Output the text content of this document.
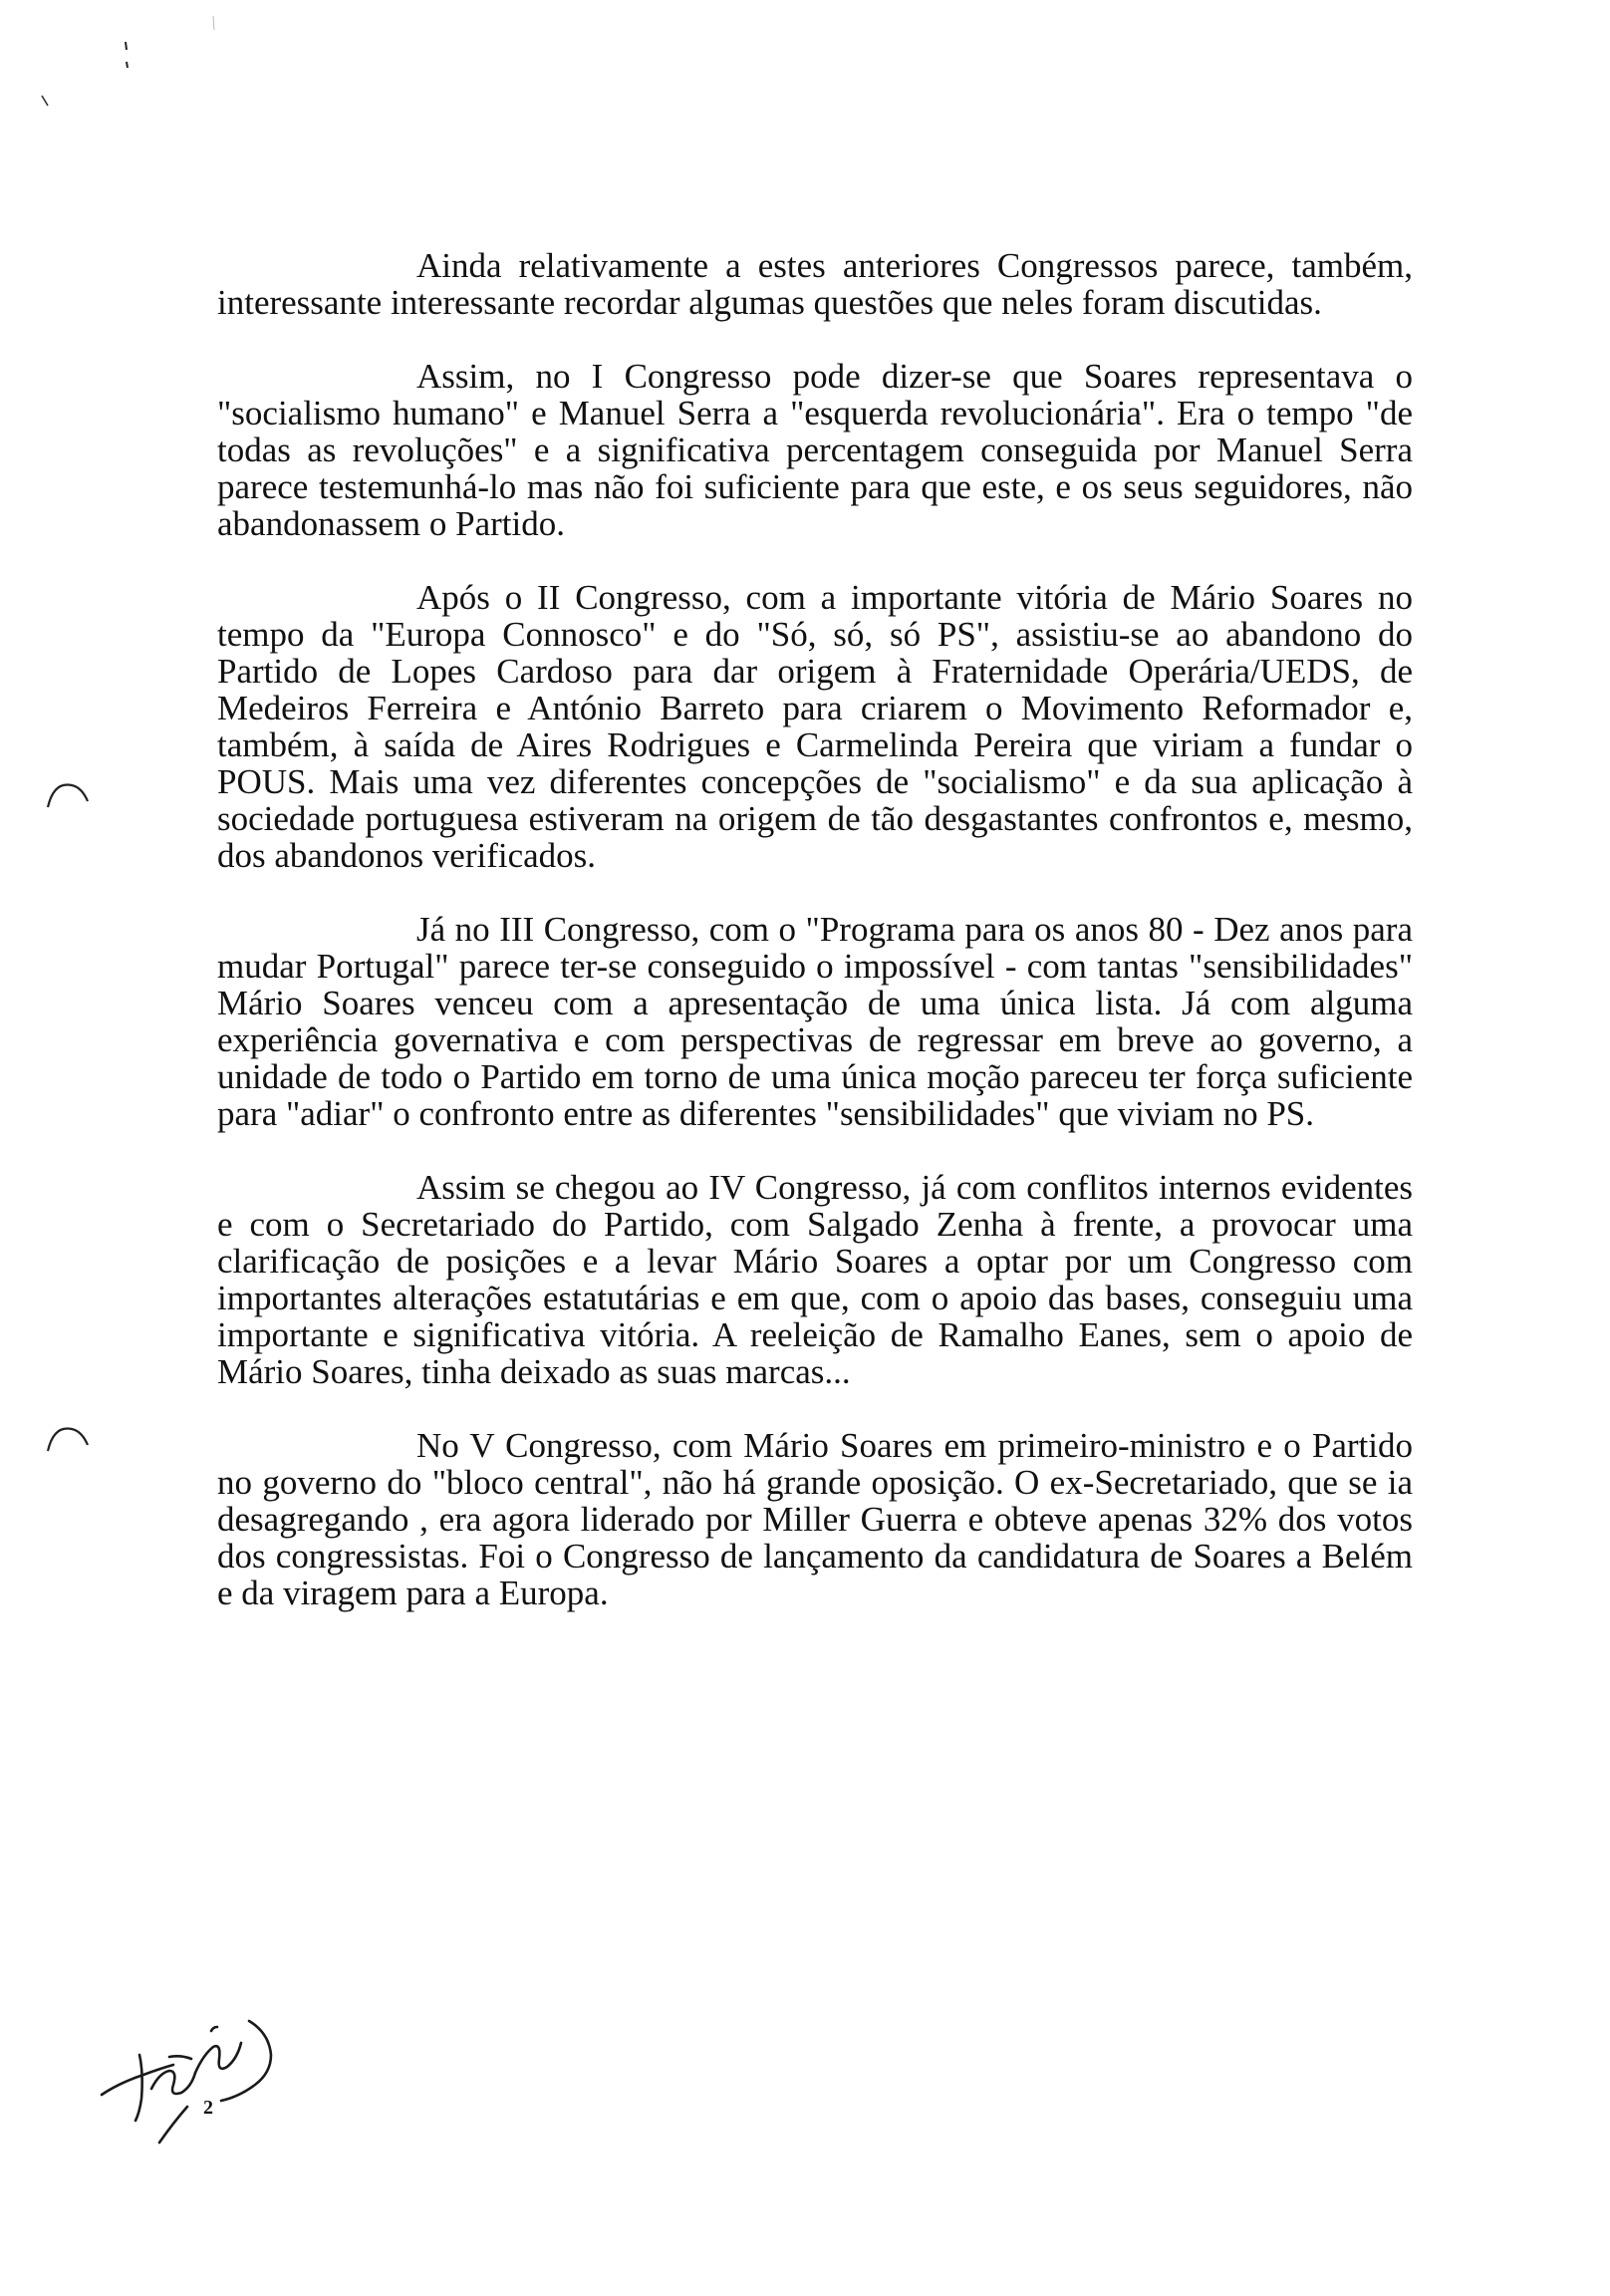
Ainda relativamente a estes anteriores Congressos parece, também, interessante interessante recordar algumas questões que neles foram discutidas.

Assim, no I Congresso pode dizer-se que Soares representava o "socialismo humano" e Manuel Serra a "esquerda revolucionária". Era o tempo "de todas as revoluções" e a significativa percentagem conseguida por Manuel Serra parece testemunhá-lo mas não foi suficiente para que este, e os seus seguidores, não abandonassem o Partido.

Após o II Congresso, com a importante vitória de Mário Soares no tempo da "Europa Connosco" e do "Só, só, só PS", assistiu-se ao abandono do Partido de Lopes Cardoso para dar origem à Fraternidade Operária/UEDS, de Medeiros Ferreira e António Barreto para criarem o Movimento Reformador e, também, à saída de Aires Rodrigues e Carmelinda Pereira que viriam a fundar o POUS. Mais uma vez diferentes concepções de "socialismo" e da sua aplicação à sociedade portuguesa estiveram na origem de tão desgastantes confrontos e, mesmo, dos abandonos verificados.

Já no III Congresso, com o "Programa para os anos 80 - Dez anos para mudar Portugal" parece ter-se conseguido o impossível - com tantas "sensibilidades" Mário Soares venceu com a apresentação de uma única lista. Já com alguma experiência governativa e com perspectivas de regressar em breve ao governo, a unidade de todo o Partido em torno de uma única moção pareceu ter força suficiente para "adiar" o confronto entre as diferentes "sensibilidades" que viviam no PS.

Assim se chegou ao IV Congresso, já com conflitos internos evidentes e com o Secretariado do Partido, com Salgado Zenha à frente, a provocar uma clarificação de posições e a levar Mário Soares a optar por um Congresso com importantes alterações estatutárias e em que, com o apoio das bases, conseguiu uma importante e significativa vitória. A reeleição de Ramalho Eanes, sem o apoio de Mário Soares, tinha deixado as suas marcas...

No V Congresso, com Mário Soares em primeiro-ministro e o Partido no governo do "bloco central", não há grande oposição. O ex-Secretariado, que se ia desagregando , era agora liderado por Miller Guerra e obteve apenas 32% dos votos dos congressistas. Foi o Congresso de lançamento da candidatura de Soares a Belém e da viragem para a Europa.

2
